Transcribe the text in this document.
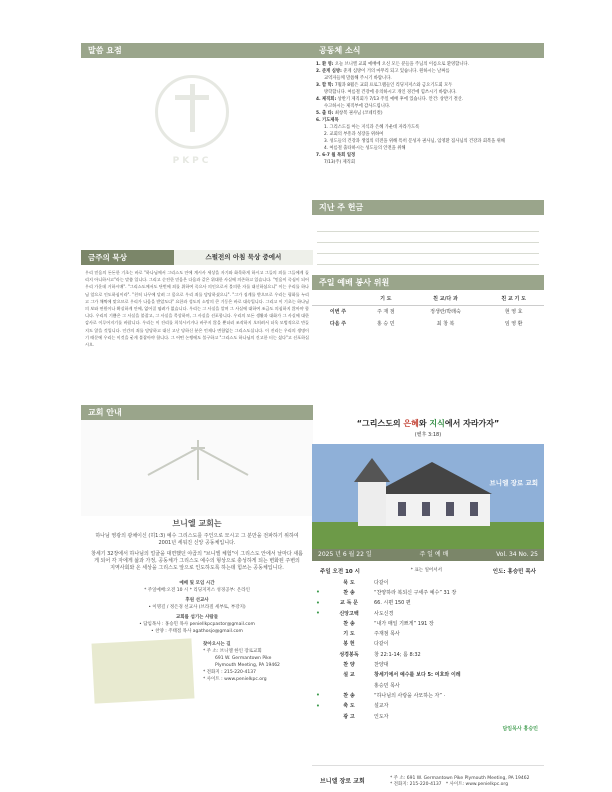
말씀 요점
PKPC
금주의 묵상	스펄전의 아침 묵상 중에서
우리 믿음의 든든한 기초는 바로 "하나님께서 그리스도 안에 계시사 세상을 자기와 화목하게 하시고 그들의 죄를 그들에게 돌리지 아니하시고"라는 말씀 입니다. 그리고 순전한 믿음은 다음과 같은 위대한 사실에 의존하고 있습니다. "믿음이 죽심이 되어 우리 가운데 거하시매". "그리스도께서도 단번에 죄를 위하여 죽으사 의인으로서 불의한 자를 대신하셨으니" 이는 우리를 하나님 앞으로 인도하심이라". "친히 나무에 달려 그 몸으로 우리 죄를 담당하셨으니". "그가 징계를 받으므로 우리는 평화를 누리고 그가 채찍에 맞으므로 우리가 나음을 받았도다" 요한과 성도의 소망의 큰 기둥은 바로 대속입니다. 그리고 이 기초는 하나님의 보와 연원이나 확실하게 안에, 없어질 염려가 없습니다. 우리는 그 사실을 알며 그 사실에 대하여 조금도 의심하지 않아야 합니다. 우리의 기쁨은 그 사실을 붙잡고, 그 사실을 묵상하며, 그 사실을 선포합니다. 우리의 모든 생활과 대화가 그 사실에 대한 감사로 이루어지기를 바랍니다. 우리는 이 진리를 희석시키거나 바꾸지 않을 뿐더러 조작하지 오히려서 더욱 모범적으로 만들지도 않을 것입니다. 인간의 죄를 담당하고 대신 고난 당하신 분은 언제나 변함없는 그리스도십니다. 이 진리는 우리의 생명이기 때문에 우리는 이것을 굳게 붙잡아야 합니다. 그 어떤 논쟁에도 불구하고 "그리스도 하나님의 건고한 터는 섰다"고 선포하십시오.
공동체 소식
1. 환 영: 오늘 브니엘 교회 예배에 오신 모든 분들을 주님의 이름으로 환영합니다.
2. 준게 심방: 준게 심방이 거의 마무리 되고 있습니다. 원하시는 날짜를
교역자들께 말씀해 주시기 바랍니다.
3. 합 학: 7월과 8월은 교회 프로그램들인 리딩지저스와 금요기도회 모두
방학합니다. 여름철 건강에 유의하시고 개인 경건에 힘쓰시기 바랍니다.
4. 제직회: 상반기 제직회가 7/13 주일 예배 후에 있습니다. 안건: 상반기 결산.
수고하시는 제직부에 감사드립니다.
5. 출 타: 최창복 권사님 (코네티컷)
6. 기도제목
1. 그리스도를 아는 지식과 은혜 가운데 자라가도록
2. 교회의 부흥과 성장을 위하여
3. 성도들의 건강과 생업의 터전을 위해 특히 문성자 권사님, 임영환 집사님의 건강과 회복을 위해
4. 여름철 출타하시는 성도들의 안전을 위해
7. 6-7 월 목회 일정
7/13(주) 제직회
지난 주 헌금
주일 예배 봉사 위원
	기 도	친 교/다 과	친 교 기 도
이번 주	주 재 점	정생란/박래숙	현 영 효
다음 주	홍 승 민	최 창 복	임 영 환
교회 안내
브니엘 교회는
하나님 영광의 광채이신 (히1:3) 예수 그리스도를 주인으로 모시고 그 분만을 전파하기 위하여 2001년 세워진 신앙 공동체입니다.
창세기 32장에서 하나님의 얼굴을 대면했던 야곱의 "브니엘 체험"이 그리스도 안에서 날마다 새롭게 되어 각 자에게 삶과 가정, 공동체가 그리스도 예수의 형상으로 충성하게 되는 변화된 주변의 지역사회와 온 세상을 그리스도 앞으로 인도하도록 하는데 힘쓰는 공동체입니다.
예배 및 모임 시간
* 주일예배:오전 10 시 * 리딩지저스 성경공부: 온라인
후원 선교사
• 이명길 / 정은경 선교사 (브라질 세부토, 부강지)
교회를 섬기는 사람들
• 담임목사 : 홍승민 목사 peniellkpcpastor@gmail.com
• 찬양 : 주태점 목사 agathosjo@gmail.com
찾아오시는 길
* 주 소: 브니엘 한인 장로교회
691 W. Germantown Pike
Plymouth Meeting, PA 19462
* 전화지 : 215-220-4137
* 사이트 : www.penielkpc.org
“그리스도의 은혜와 지식에서 자라가자”
(벧후 3:18)
브니엘 장로 교회
2025 년 6 월 22 일	주 일 예 배	Vol. 34 No. 25
주일 오전 10 시	* 표는 일어서서	인도: 홍승민 목사
	묵 도	다같이
•	찬 송	“찬양하라 복되신 구세주 예수” 31 장
•	교 독 문	66. 시편 150 편
•	신앙고백	사도신경
	찬 송	“내가 매일 기쁘게” 191 장
	기 도	주재점 목사
	봉 헌	다같이
	성경봉독	창 22:1-14; 롬 8:32
	찬 양	찬양대
	설 교	창세기에서 예수를 보다 5: 여호와 이레
		홍승민 목사
•	찬 송	“하나님의 사랑을 사모하는 자” ·
•	축 도	설교자
	광 고	인도자
담임목사 홍승민
브니엘 장로 교회	* 주 소: 691 W. Germantown Pike Plymouth Meeting, PA 19462
* 전화지: 215-220-4137 * 사이트: www.penielkpc.org
